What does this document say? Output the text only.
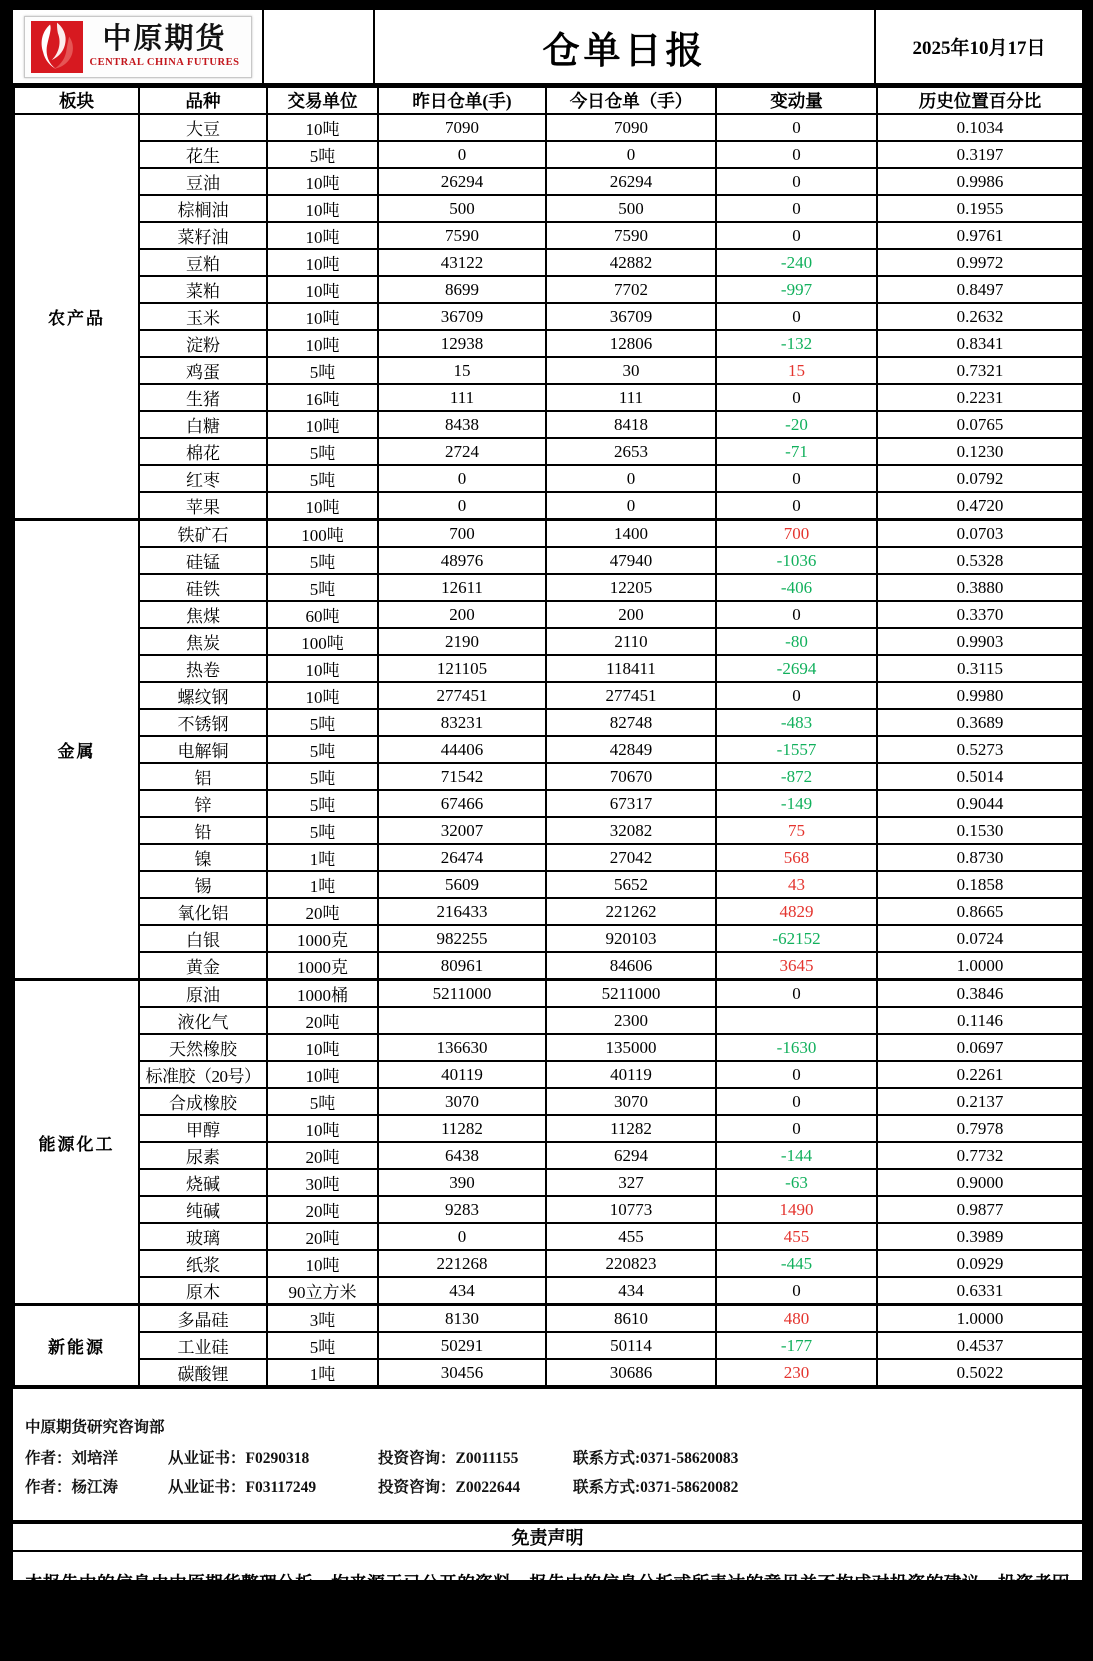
中原期货
CENTRAL CHINA FUTURES	仓单日报	2025年10月17日
板块	品种	交易单位	昨日仓单(手)	今日仓单（手）	变动量	历史位置百分比
农产品	大豆	10吨	7090	7090	0	0.1034
	花生	5吨	0	0	0	0.3197
	豆油	10吨	26294	26294	0	0.9986
	棕榈油	10吨	500	500	0	0.1955
	菜籽油	10吨	7590	7590	0	0.9761
	豆粕	10吨	43122	42882	-240	0.9972
	菜粕	10吨	8699	7702	-997	0.8497
	玉米	10吨	36709	36709	0	0.2632
	淀粉	10吨	12938	12806	-132	0.8341
	鸡蛋	5吨	15	30	15	0.7321
	生猪	16吨	111	111	0	0.2231
	白糖	10吨	8438	8418	-20	0.0765
	棉花	5吨	2724	2653	-71	0.1230
	红枣	5吨	0	0	0	0.0792
	苹果	10吨	0	0	0	0.4720
金属	铁矿石	100吨	700	1400	700	0.0703
	硅锰	5吨	48976	47940	-1036	0.5328
	硅铁	5吨	12611	12205	-406	0.3880
	焦煤	60吨	200	200	0	0.3370
	焦炭	100吨	2190	2110	-80	0.9903
	热卷	10吨	121105	118411	-2694	0.3115
	螺纹钢	10吨	277451	277451	0	0.9980
	不锈钢	5吨	83231	82748	-483	0.3689
	电解铜	5吨	44406	42849	-1557	0.5273
	铝	5吨	71542	70670	-872	0.5014
	锌	5吨	67466	67317	-149	0.9044
	铅	5吨	32007	32082	75	0.1530
	镍	1吨	26474	27042	568	0.8730
	锡	1吨	5609	5652	43	0.1858
	氧化铝	20吨	216433	221262	4829	0.8665
	白银	1000克	982255	920103	-62152	0.0724
	黄金	1000克	80961	84606	3645	1.0000
能源化工	原油	1000桶	5211000	5211000	0	0.3846
	液化气	20吨		2300		0.1146
	天然橡胶	10吨	136630	135000	-1630	0.0697
	标准胶（20号）	10吨	40119	40119	0	0.2261
	合成橡胶	5吨	3070	3070	0	0.2137
	甲醇	10吨	11282	11282	0	0.7978
	尿素	20吨	6438	6294	-144	0.7732
	烧碱	30吨	390	327	-63	0.9000
	纯碱	20吨	9283	10773	1490	0.9877
	玻璃	20吨	0	455	455	0.3989
	纸浆	10吨	221268	220823	-445	0.0929
	原木	90立方米	434	434	0	0.6331
新能源	多晶硅	3吨	8130	8610	480	1.0000
	工业硅	5吨	50291	50114	-177	0.4537
	碳酸锂	1吨	30456	30686	230	0.5022
中原期货研究咨询部
作者：刘培洋	从业证书：F0290318	投资咨询：Z0011155	联系方式:0371-58620083
作者：杨江涛	从业证书：F03117249	投资咨询：Z0022644	联系方式:0371-58620082
免责声明
本报告中的信息由中原期货整理分析，均来源于已公开的资料，报告中的信息分析或所表达的意见并不构成对投资的建议，投资者因报告意见所做的判断，以及有可能产生的损失自行承担。期货交易有风险，投资者申请开立期货账户须满足证券期货投资者适当性要求，具备匹配的风险承受能力。
